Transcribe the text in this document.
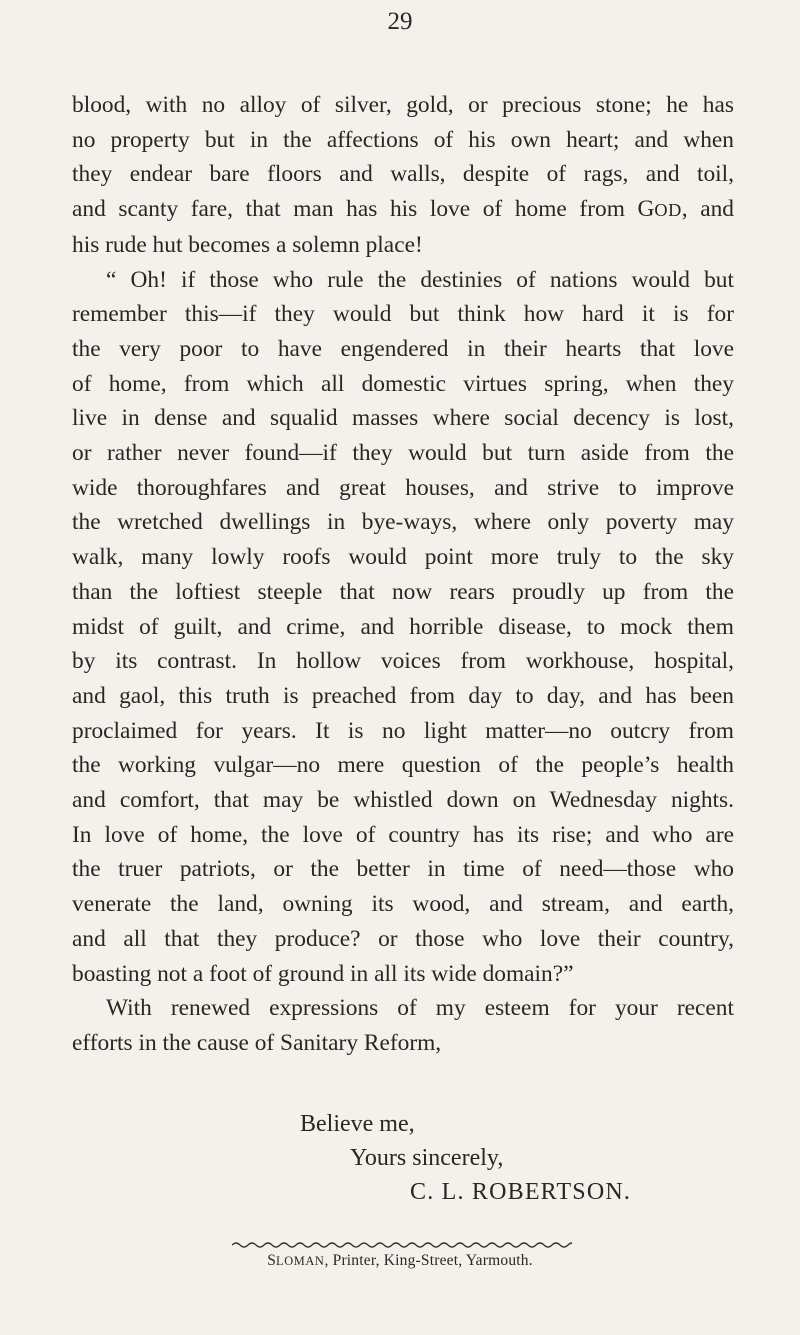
29
blood, with no alloy of silver, gold, or precious stone; he has
no property but in the affections of his own heart; and when
they endear bare floors and walls, despite of rags, and toil,
and scanty fare, that man has his love of home from GOD, and
his rude hut becomes a solemn place!
“ Oh! if those who rule the destinies of nations would but
remember this—if they would but think how hard it is for
the very poor to have engendered in their hearts that love
of home, from which all domestic virtues spring, when they
live in dense and squalid masses where social decency is lost,
or rather never found—if they would but turn aside from the
wide thoroughfares and great houses, and strive to improve
the wretched dwellings in bye-ways, where only poverty may
walk, many lowly roofs would point more truly to the sky
than the loftiest steeple that now rears proudly up from the
midst of guilt, and crime, and horrible disease, to mock them
by its contrast. In hollow voices from workhouse, hospital,
and gaol, this truth is preached from day to day, and has been
proclaimed for years. It is no light matter—no outcry from
the working vulgar—no mere question of the people’s health
and comfort, that may be whistled down on Wednesday nights.
In love of home, the love of country has its rise; and who are
the truer patriots, or the better in time of need—those who
venerate the land, owning its wood, and stream, and earth,
and all that they produce? or those who love their country,
boasting not a foot of ground in all its wide domain?”
With renewed expressions of my esteem for your recent
efforts in the cause of Sanitary Reform,
Believe me,
Yours sincerely,
C. L. ROBERTSON.
SLOMAN, Printer, King-Street, Yarmouth.
